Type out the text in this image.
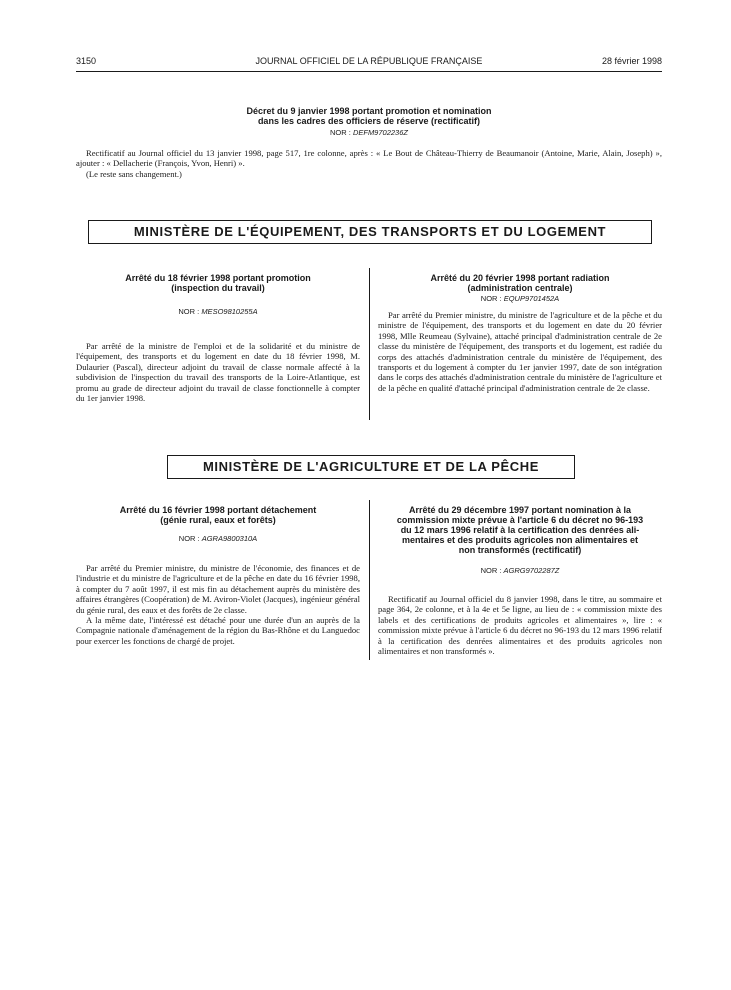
3150	JOURNAL OFFICIEL DE LA RÉPUBLIQUE FRANÇAISE	28 février 1998
Décret du 9 janvier 1998 portant promotion et nomination
dans les cadres des officiers de réserve (rectificatif)
NOR : DEFM9702236Z

Rectificatif au Journal officiel du 13 janvier 1998, page 517, 1re colonne, après : « Le Bout de Château-Thierry de Beaumanoir (Antoine, Marie, Alain, Joseph) », ajouter : « Dellacherie (François, Yvon, Henri) ».

(Le reste sans changement.)

MINISTÈRE DE L'ÉQUIPEMENT, DES TRANSPORTS ET DU LOGEMENT
Arrêté du 18 février 1998 portant promotion
(inspection du travail)
NOR : MESO9810255A

Par arrêté de la ministre de l'emploi et de la solidarité et du ministre de l'équipement, des transports et du logement en date du 18 février 1998, M. Dulaurier (Pascal), directeur adjoint du travail de classe normale affecté à la subdivision de l'inspection du travail des transports de la Loire-Atlantique, est promu au grade de directeur adjoint du travail de classe fonctionnelle à compter du 1er janvier 1998.

Arrêté du 20 février 1998 portant radiation
(administration centrale)
NOR : EQUP9701452A

Par arrêté du Premier ministre, du ministre de l'agriculture et de la pêche et du ministre de l'équipement, des transports et du logement en date du 20 février 1998, Mlle Reumeau (Sylvaine), attaché principal d'administration centrale de 2e classe du ministère de l'équipement, des transports et du logement, est radiée du corps des attachés d'administration centrale du ministère de l'équipement, des transports et du logement à compter du 1er janvier 1997, date de son intégration dans le corps des attachés d'administration centrale du ministère de l'agriculture et de la pêche en qualité d'attaché principal d'administration centrale de 2e classe.

MINISTÈRE DE L'AGRICULTURE ET DE LA PÊCHE
Arrêté du 16 février 1998 portant détachement
(génie rural, eaux et forêts)
NOR : AGRA9800310A

Par arrêté du Premier ministre, du ministre de l'économie, des finances et de l'industrie et du ministre de l'agriculture et de la pêche en date du 16 février 1998, à compter du 7 août 1997, il est mis fin au détachement auprès du ministère des affaires étrangères (Coopération) de M. Aviron-Violet (Jacques), ingénieur général du génie rural, des eaux et des forêts de 2e classe.

A la même date, l'intéressé est détaché pour une durée d'un an auprès de la Compagnie nationale d'aménagement de la région du Bas-Rhône et du Languedoc pour exercer les fonctions de chargé de projet.

Arrêté du 29 décembre 1997 portant nomination à la
commission mixte prévue à l'article 6 du décret no 96-193
du 12 mars 1996 relatif à la certification des denrées ali-
mentaires et des produits agricoles non alimentaires et
non transformés (rectificatif)
NOR : AGRG9702287Z

Rectificatif au Journal officiel du 8 janvier 1998, dans le titre, au sommaire et page 364, 2e colonne, et à la 4e et 5e ligne, au lieu de : « commission mixte des labels et des certifications de produits agricoles et alimentaires », lire : « commission mixte prévue à l'article 6 du décret no 96-193 du 12 mars 1996 relatif à la certification des denrées alimentaires et des produits agricoles non alimentaires et non transformés ».
